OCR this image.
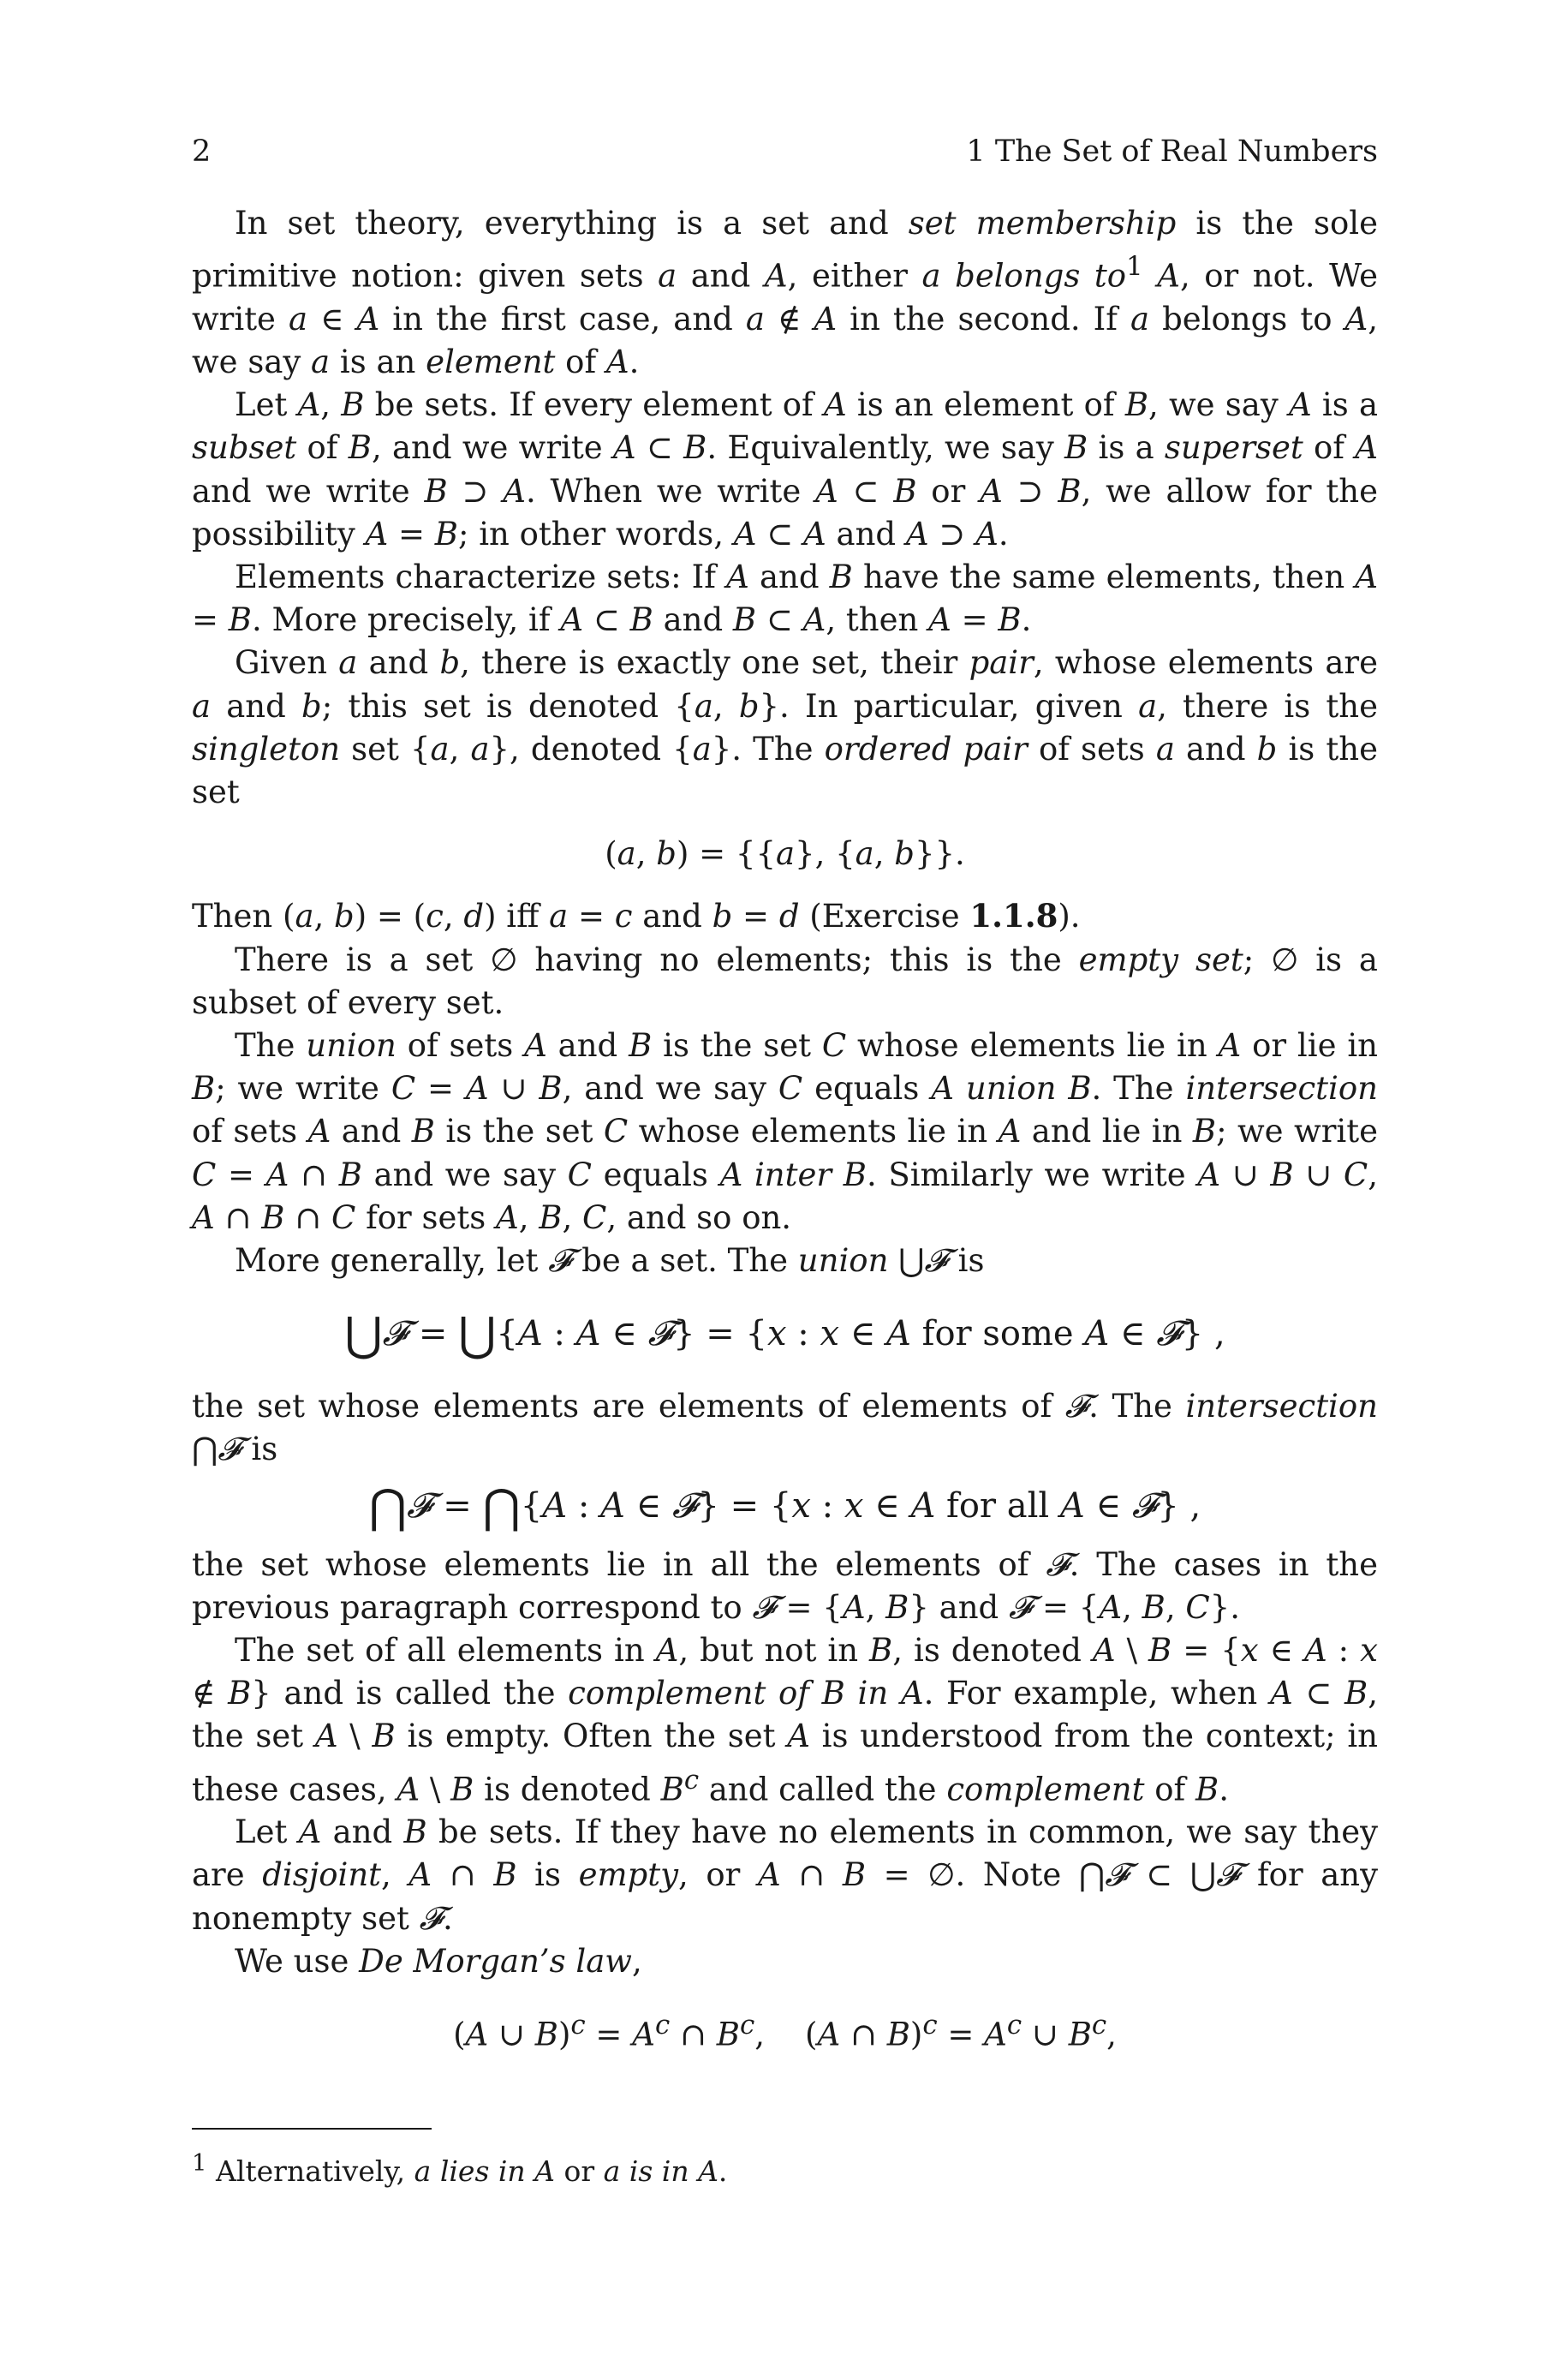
2	1 The Set of Real Numbers

In set theory, everything is a set and set membership is the sole primitive notion: given sets a and A, either a belongs $to^1$ A, or not. We write a ∈ A in the first case, and a ∉ A in the second. If a belongs to A, we say a is an element of A.

Let A, B be sets. If every element of A is an element of B, we say A is a subset of B, and we write A ⊂ B. Equivalently, we say B is a superset of A and we write B ⊃ A. When we write A ⊂ B or A ⊃ B, we allow for the possibility A = B; in other words, A ⊂ A and A ⊃ A.

Elements characterize sets: If A and B have the same elements, then A = B. More precisely, if A ⊂ B and B ⊂ A, then A = B.

Given a and b, there is exactly one set, their pair, whose elements are a and b; this set is denoted {a, b}. In particular, given a, there is the singleton set {a, a}, denoted {a}. The ordered pair of sets a and b is the set

(a, b) = {{a}, {a, b}}.

Then (a, b) = (c, d) iff a = c and b = d (Exercise 1.1.8).

There is a set ∅ having no elements; this is the empty set; ∅ is a subset of every set.

The union of sets A and B is the set C whose elements lie in A or lie in B; we write C = A ∪ B, and we say C equals A union B. The intersection of sets A and B is the set C whose elements lie in A and lie in B; we write C = A ∩ B and we say C equals A inter B. Similarly we write A ∪ B ∪ C, A ∩ B ∩ C for sets A, B, C, and so on.

More generally, let 𝓕 be a set. The union ⋃𝓕 is

⋃𝓕 = ⋃{A : A ∈ 𝓕} = {x : x ∈ A for some A ∈ 𝓕} ,

the set whose elements are elements of elements of 𝓕. The intersection ⋂𝓕 is

⋂𝓕 = ⋂{A : A ∈ 𝓕} = {x : x ∈ A for all A ∈ 𝓕} ,

the set whose elements lie in all the elements of 𝓕. The cases in the previous paragraph correspond to 𝓕 = {A, B} and 𝓕 = {A, B, C}.

The set of all elements in A, but not in B, is denoted A \ B = {x ∈ A : x ∉ B} and is called the complement of B in A. For example, when A ⊂ B, the set A \ B is empty. Often the set A is understood from the context; in these cases, A \ B is denoted $B^c$ and called the complement of B.

Let A and B be sets. If they have no elements in common, we say they are disjoint, A ∩ B is empty, or A ∩ B = ∅. Note ⋂𝓕 ⊂ ⋃𝓕 for any nonempty set 𝓕.

We use De Morgan’s law,

(A ∪ $B)^c = A^c$ ∩ $B^c$,    (A ∩ $B)^c = A^c$ ∪ $B^c$,
$^1$ Alternatively, a lies in A or a is in A.
